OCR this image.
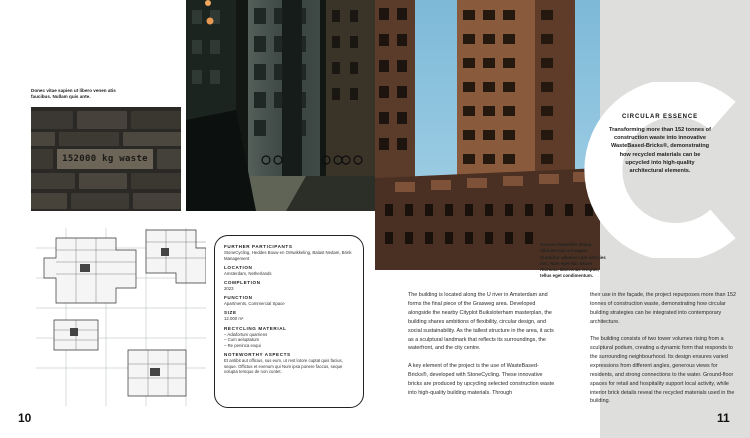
Donec vitae sapien ut libero venen atis faucibus. Nullam quis ante.
152000 kg waste
FURTHER PARTICIPANTS
StoneCycling, Heddes Bouw en Ontwikkeling, Balast Nedam, Brink Management
LOCATION
Amsterdam, Netherlands
COMPLETION
2023
FUNCTION
Apartments, Commercial Space
SIZE
12.000 m²
RECYCLING MATERIAL
– Adiafortum quarriens
– Cum aeluptatum
– Re peninca exqui
NOTEWORTHY ASPECTS
Et antibit aut officius, sus eum, ut rest lotore cuptat quis facius, seque. Offictus et evenum qui Num ipsa ponere faccus, seque volupta temquo de non cuntet.
10
CIRCULAR ESSENCE
Transforming more than 152 tonnes of construction waste into innovative WasteBased-Bricks®, demonstrating how recycled materials can be upcycled into high-quality architectural elements.
Aenean imperdiet. Etiam ultricies nisi vel augue. Curabitur ullamcor-per ultricies nisi. Nam eget dui. Etiam rhoncus. Maecenas tempus, tellus eget condimentum.

The building is located along the U river in Amsterdam and forms the final piece of the Grasweg area. Developed alongside the nearby Cityplot Buiksloterham masterplan, the building shares ambitions of flexibility, circular design, and social sustainability. As the tallest structure in the area, it acts as a sculptural landmark that reflects its surroundings, the waterfront, and the city centre.

A key element of the project is the use of WasteBased-Bricks®, developed with StoneCycling. These innovative bricks are produced by upcycling selected construction waste into high-quality building materials. Through

their use in the façade, the project repurposes more than 152 tonnes of construction waste, demonstrating how circular building strategies can be integrated into contemporary architecture.

The building consists of two tower volumes rising from a sculptural podium, creating a dynamic form that responds to the surrounding neighbourhood. Its design ensures varied expressions from different angles, generous views for residents, and strong connections to the water. Ground-floor spaces for retail and hospitality support local activity, while interior brick details reveal the recycled materials used in the building.

11
